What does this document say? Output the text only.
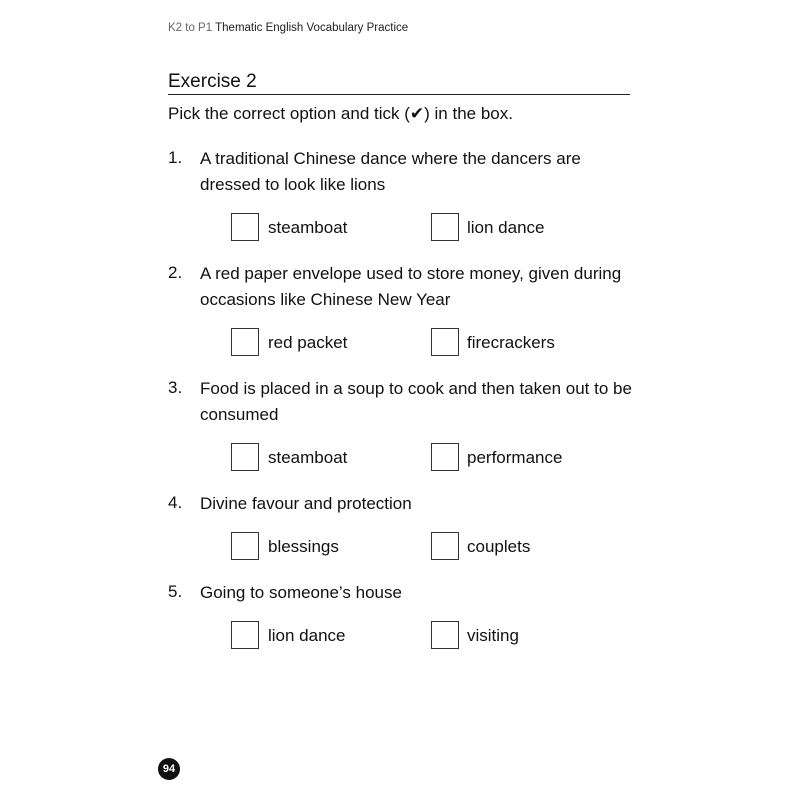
K2 to P1 Thematic English Vocabulary Practice
Exercise 2
Pick the correct option and tick (✔) in the box.
1. A traditional Chinese dance where the dancers are dressed to look like lions
steamboat	lion dance
2. A red paper envelope used to store money, given during occasions like Chinese New Year
red packet	firecrackers
3. Food is placed in a soup to cook and then taken out to be consumed
steamboat	performance
4. Divine favour and protection
blessings	couplets
5. Going to someone’s house
lion dance	visiting
94
